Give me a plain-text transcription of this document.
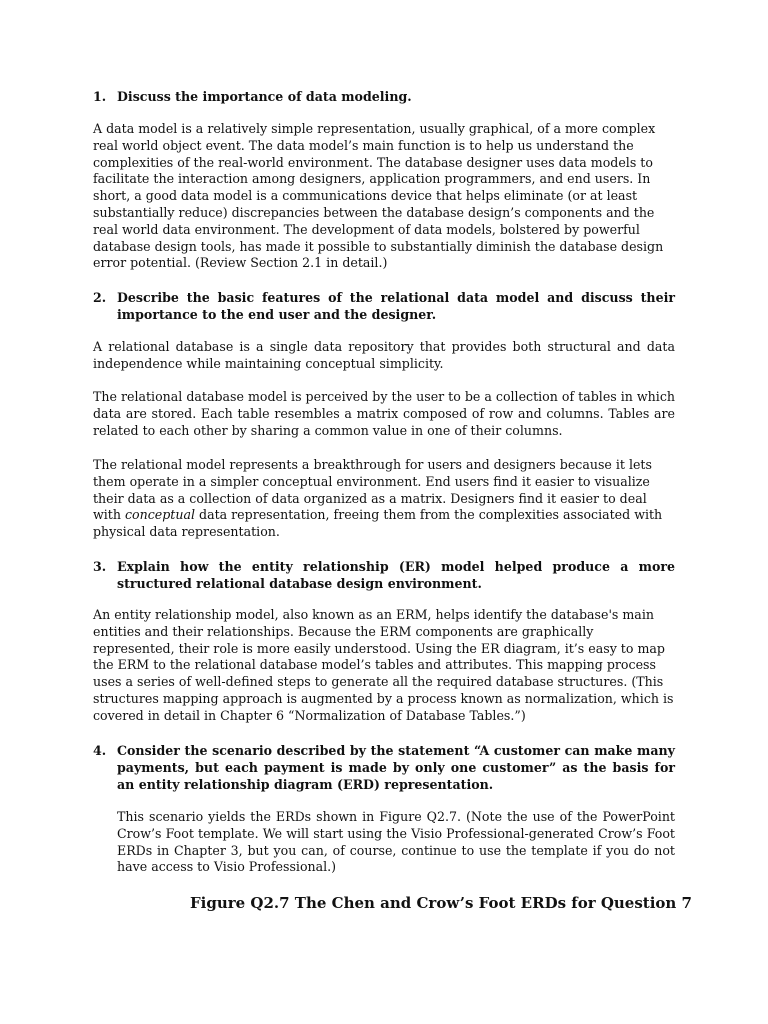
1. Discuss the importance of data modeling.
A data model is a relatively simple representation, usually graphical, of a more complex real world object event. The data model’s main function is to help us understand the complexities of the real-world environment. The database designer uses data models to facilitate the interaction among designers, application programmers, and end users. In short, a good data model is a communications device that helps eliminate (or at least substantially reduce) discrepancies between the database design’s components and the real world data environment. The development of data models, bolstered by powerful database design tools, has made it possible to substantially diminish the database design error potential. (Review Section 2.1 in detail.)
2. Describe the basic features of the relational data model and discuss their importance to the end user and the designer.
A relational database is a single data repository that provides both structural and data independence while maintaining conceptual simplicity.
The relational database model is perceived by the user to be a collection of tables in which data are stored. Each table resembles a matrix composed of row and columns. Tables are related to each other by sharing a common value in one of their columns.
The relational model represents a breakthrough for users and designers because it lets them operate in a simpler conceptual environment. End users find it easier to visualize their data as a collection of data organized as a matrix. Designers find it easier to deal with conceptual data representation, freeing them from the complexities associated with physical data representation.
3. Explain how the entity relationship (ER) model helped produce a more structured relational database design environment.
An entity relationship model, also known as an ERM, helps identify the database's main entities and their relationships. Because the ERM components are graphically represented, their role is more easily understood. Using the ER diagram, it’s easy to map the ERM to the relational database model’s tables and attributes. This mapping process uses a series of well-defined steps to generate all the required database structures. (This structures mapping approach is augmented by a process known as normalization, which is covered in detail in Chapter 6 “Normalization of Database Tables.”)
4. Consider the scenario described by the statement “A customer can make many payments, but each payment is made by only one customer” as the basis for an entity relationship diagram (ERD) representation.
This scenario yields the ERDs shown in Figure Q2.7. (Note the use of the PowerPoint Crow’s Foot template. We will start using the Visio Professional-generated Crow’s Foot ERDs in Chapter 3, but you can, of course, continue to use the template if you do not have access to Visio Professional.)
Figure Q2.7 The Chen and Crow’s Foot ERDs for Question 7
